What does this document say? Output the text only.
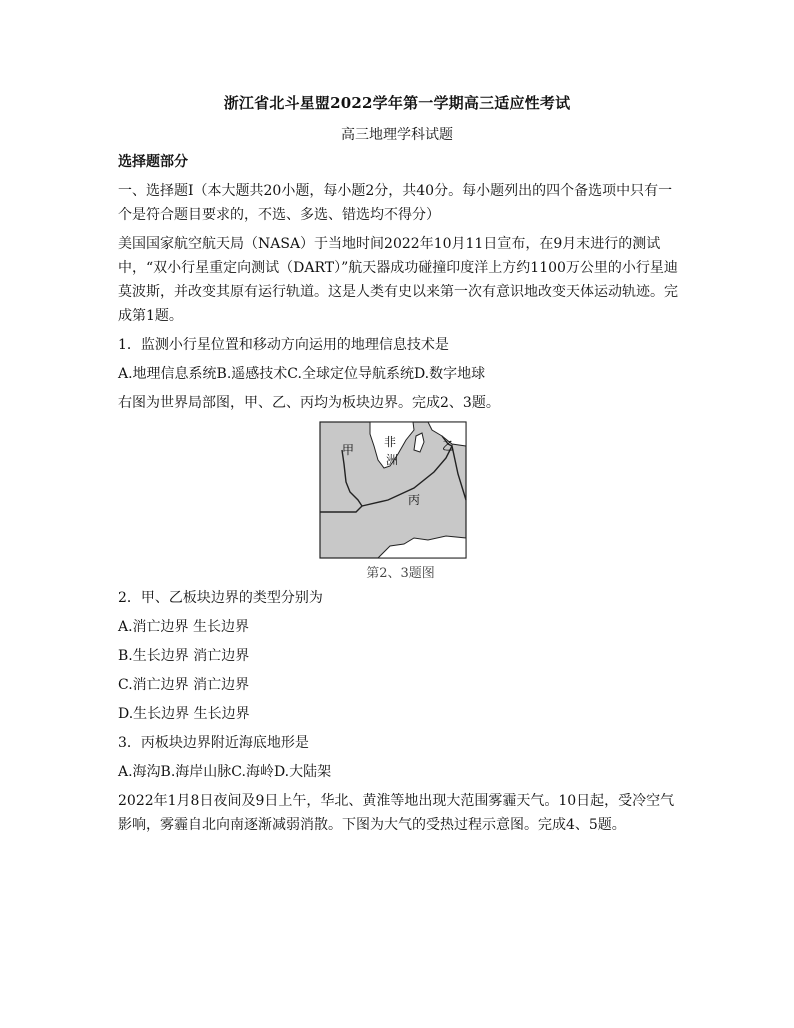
浙江省北斗星盟2022学年第一学期高三适应性考试
高三地理学科试题

选择题部分

一、选择题Ⅰ（本大题共20小题，每小题2分，共40分。每小题列出的四个备选项中只有一个是符合题目要求的，不选、多选、错选均不得分）

美国国家航空航天局（NASA）于当地时间2022年10月11日宣布，在9月末进行的测试中，“双小行星重定向测试（DART）”航天器成功碰撞印度洋上方约1100万公里的小行星迪莫波斯，并改变其原有运行轨道。这是人类有史以来第一次有意识地改变天体运动轨迹。完成第1题。

1．监测小行星位置和移动方向运用的地理信息技术是

A.地理信息系统B.遥感技术C.全球定位导航系统D.数字地球

右图为世界局部图，甲、乙、丙均为板块边界。完成2、3题。

甲
非
洲
乙
丙
第2、3题图

2．甲、乙板块边界的类型分别为

A.消亡边界 生长边界

B.生长边界 消亡边界

C.消亡边界 消亡边界

D.生长边界 生长边界

3．丙板块边界附近海底地形是

A.海沟B.海岸山脉C.海岭D.大陆架

2022年1月8日夜间及9日上午，华北、黄淮等地出现大范围雾霾天气。10日起，受冷空气影响，雾霾自北向南逐渐减弱消散。下图为大气的受热过程示意图。完成4、5题。
